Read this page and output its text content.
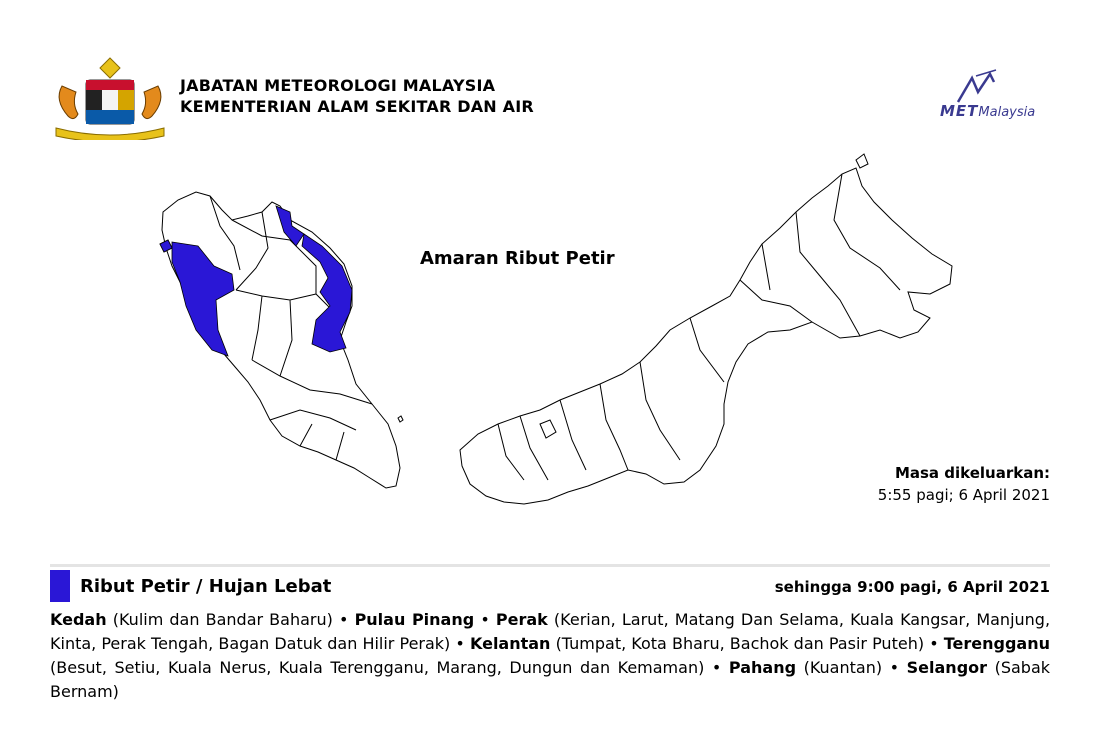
JABATAN METEOROLOGI MALAYSIA
KEMENTERIAN ALAM SEKITAR DAN AIR	METMalaysia
Amaran Ribut Petir
Masa dikeluarkan:
5:55 pagi; 6 April 2021
Ribut Petir / Hujan Lebat	sehingga 9:00 pagi, 6 April 2021
Kedah (Kulim dan Bandar Baharu) • Pulau Pinang • Perak (Kerian, Larut, Matang Dan Selama, Kuala Kangsar, Manjung, Kinta, Perak Tengah, Bagan Datuk dan Hilir Perak) • Kelantan (Tumpat, Kota Bharu, Bachok dan Pasir Puteh) • Terengganu (Besut, Setiu, Kuala Nerus, Kuala Terengganu, Marang, Dungun dan Kemaman) • Pahang (Kuantan) • Selangor (Sabak Bernam)
